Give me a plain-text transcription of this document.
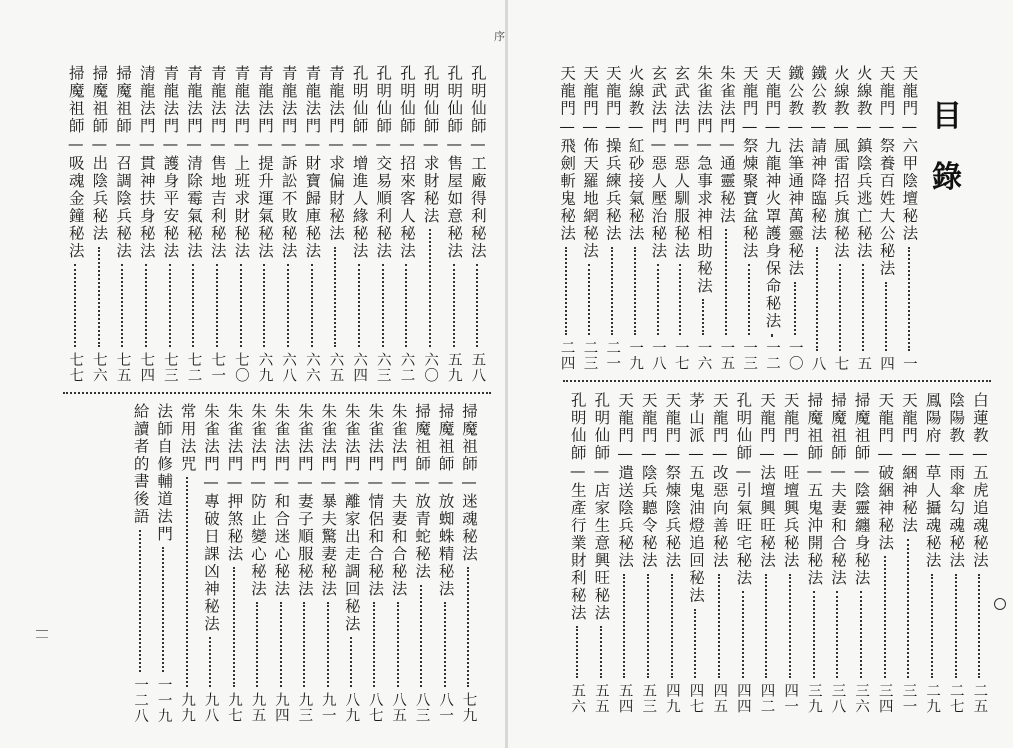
序
目
錄
天龍門—六甲陰壇秘法
一
天龍門—祭養百姓大公秘法
四
火線教—鎮陰兵逃亡秘法
五
火線教—風雷招兵旗秘法
七
鐵公教—請神降臨秘法
八
鐵公教—法筆通神萬靈秘法
一〇
天龍門—九龍神火罩護身保命秘法
一二
天龍門—祭煉聚寶盆秘法
一三
朱雀法門—通靈秘法
一五
朱雀法門—急事求神相助秘法
一六
玄武法門—惡人馴服秘法
一七
玄武法門—惡人壓治秘法
一八
火線教—紅砂接氣秘法
一九
天龍門—操兵練兵秘法
二一
天龍門—佈天羅地網秘法
二三
天龍門—飛劍斬鬼秘法
二四
白蓮教—五虎追魂秘法
二五
陰陽教—雨傘勾魂秘法
二七
鳳陽府—草人攝魂秘法
二九
天龍門—綑神秘法
三一
天龍門—破綑神秘法
三四
掃魔祖師—陰靈纏身秘法
三六
掃魔祖師—夫妻和合秘法
三八
掃魔祖師—五鬼沖開秘法
三九
天龍門—旺壇興兵秘法
四一
天龍門—法壇興旺秘法
四二
孔明仙師—引氣旺宅秘法
四四
天龍門—改惡向善秘法
四五
茅山派—五鬼油燈追回秘法
四七
天龍門—祭煉陰兵秘法
四九
天龍門—陰兵聽令秘法
五三
天龍門—遣送陰兵秘法
五四
孔明仙師—店家生意興旺秘法
五五
孔明仙師—生產行業財利秘法
五六
孔明仙師—工廠得利秘法
五八
孔明仙師—售屋如意秘法
五九
孔明仙師—求財秘法
六〇
孔明仙師—招來客人秘法
六二
孔明仙師—交易順利秘法
六三
孔明仙師—增進人緣秘法
六四
青龍法門—求偏財秘法
六五
青龍法門—財寶歸庫秘法
六六
青龍法門—訴訟不敗秘法
六八
青龍法門—提升運氣秘法
六九
青龍法門—上班求財秘法
七〇
青龍法門—售地吉利秘法
七一
青龍法門—清除霉氣秘法
七二
青龍法門—護身平安秘法
七三
清龍法門—貫神扶身秘法
七四
掃魔祖師—召調陰兵秘法
七五
掃魔祖師—出陰兵秘法
七六
掃魔祖師—吸魂金鐘秘法
七七
掃魔祖師—迷魂秘法
七九
掃魔祖師—放蜘蛛精秘法
八一
掃魔祖師—放青蛇秘法
八三
朱雀法門—夫妻和合秘法
八五
朱雀法門—情侶和合秘法
八七
朱雀法門—離家出走調回秘法
八九
朱雀法門—暴夫驚妻秘法
九一
朱雀法門—妻子順服秘法
九三
朱雀法門—和合迷心秘法
九四
朱雀法門—防止變心秘法
九五
朱雀法門—押煞秘法
九七
朱雀法門—專破日課凶神秘法
九八
常用法咒
九九
法師自修輔道法門
一一九
給讀者的書後語
一二八
